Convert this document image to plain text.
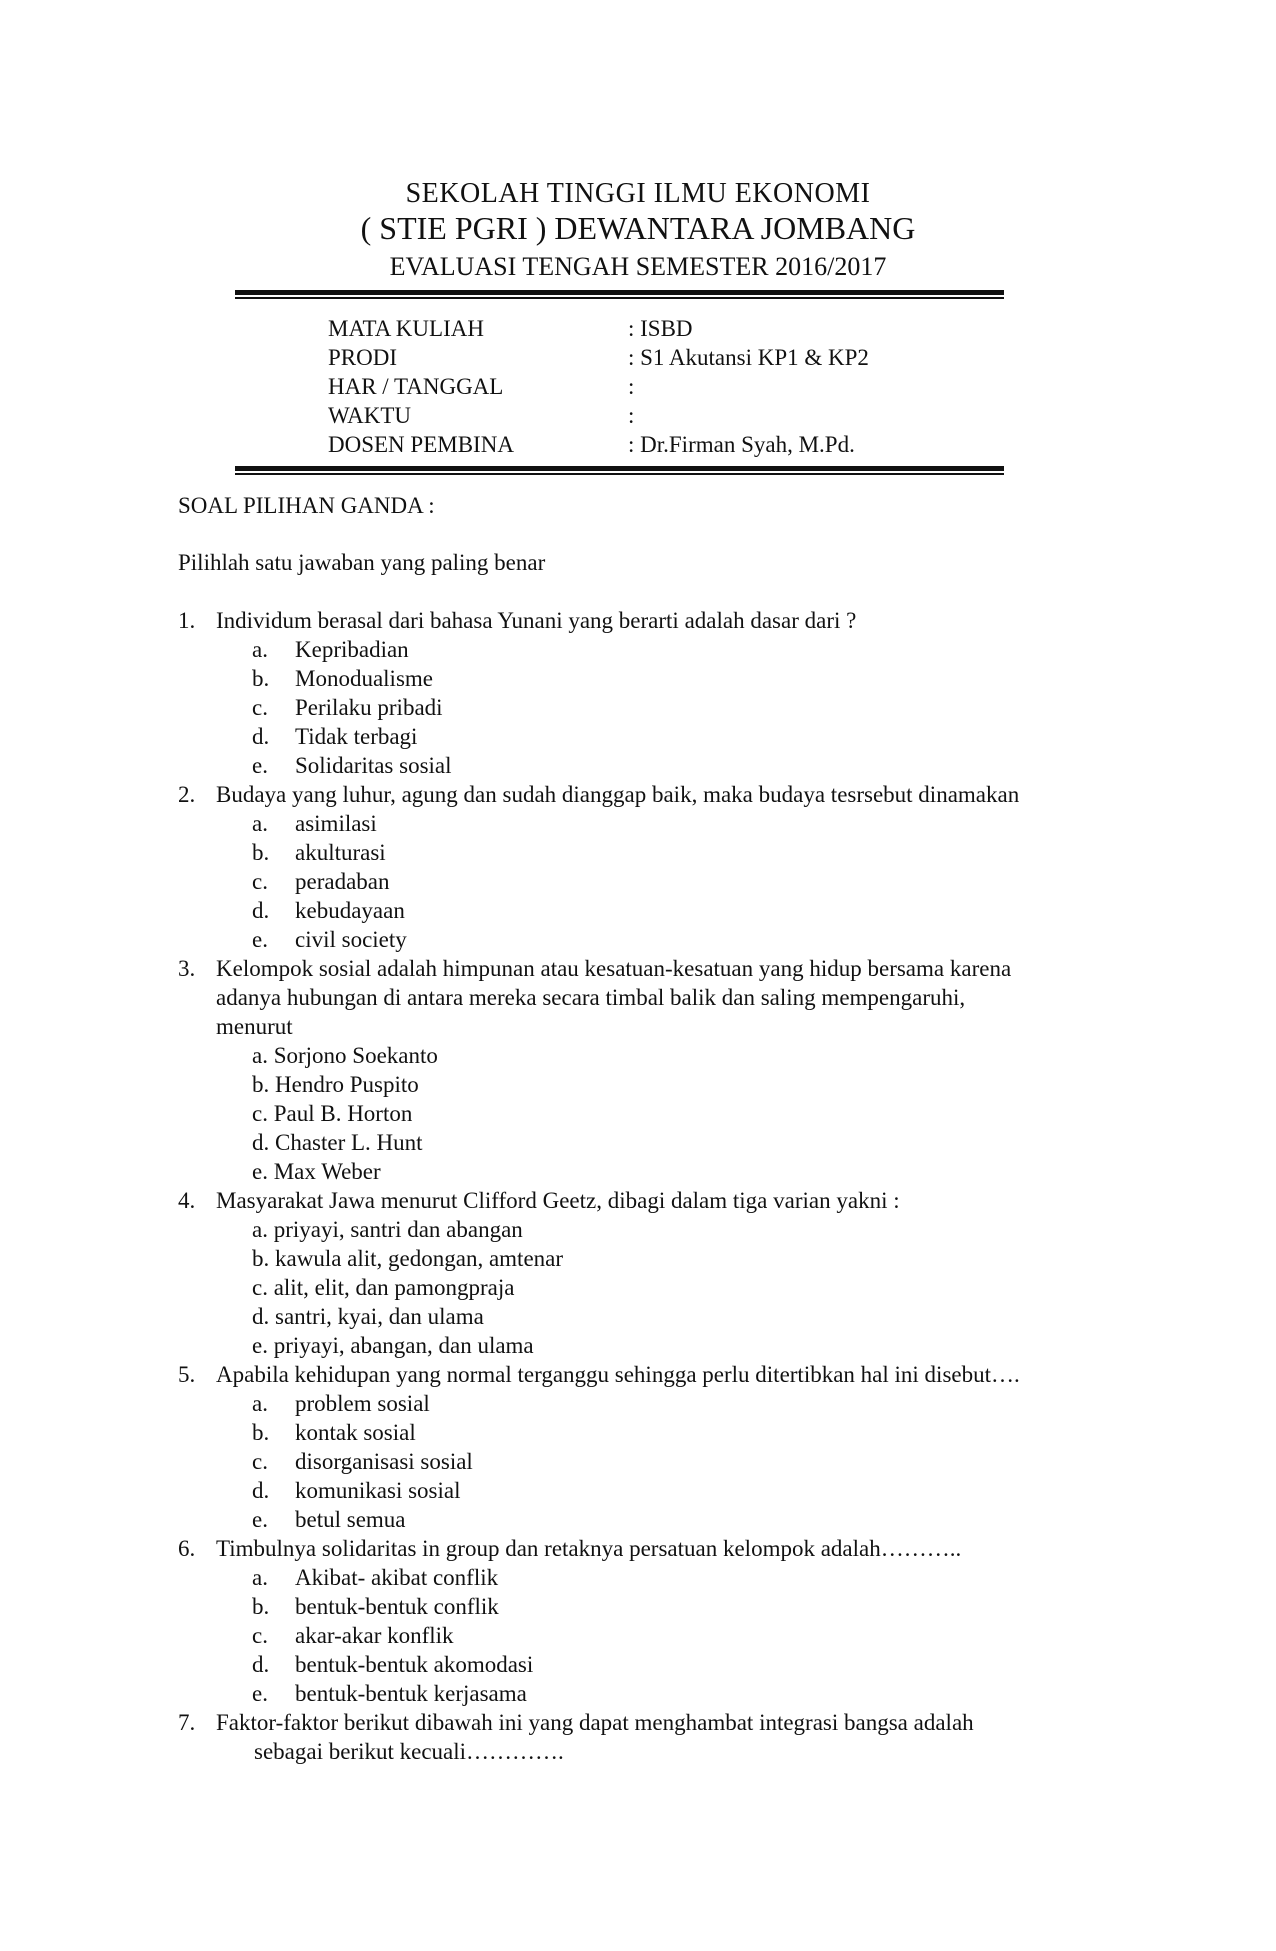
SEKOLAH TINGGI ILMU EKONOMI
( STIE PGRI ) DEWANTARA JOMBANG
EVALUASI TENGAH SEMESTER 2016/2017
MATA KULIAH	: ISBD
PRODI	: S1 Akutansi KP1 & KP2
HAR / TANGGAL	:
WAKTU	:
DOSEN PEMBINA	: Dr.Firman Syah, M.Pd.
SOAL PILIHAN GANDA :
Pilihlah satu jawaban yang paling benar
1. Individum berasal dari bahasa Yunani yang berarti adalah dasar dari ?
a. Kepribadian
b. Monodualisme
c. Perilaku pribadi
d. Tidak terbagi
e. Solidaritas sosial
2. Budaya yang luhur, agung dan sudah dianggap baik, maka budaya tesrsebut dinamakan
a. asimilasi
b. akulturasi
c. peradaban
d. kebudayaan
e. civil society
3. Kelompok sosial adalah himpunan atau kesatuan-kesatuan yang hidup bersama karena
adanya hubungan di antara mereka secara timbal balik dan saling mempengaruhi,
menurut
a. Sorjono Soekanto
b. Hendro Puspito
c. Paul B. Horton
d. Chaster L. Hunt
e. Max Weber
4. Masyarakat Jawa menurut Clifford Geetz, dibagi dalam tiga varian yakni :
a. priyayi, santri dan abangan
b. kawula alit, gedongan, amtenar
c. alit, elit, dan pamongpraja
d. santri, kyai, dan ulama
e. priyayi, abangan, dan ulama
5. Apabila kehidupan yang normal terganggu sehingga perlu ditertibkan hal ini disebut….
a. problem sosial
b. kontak sosial
c. disorganisasi sosial
d. komunikasi sosial
e. betul semua
6. Timbulnya solidaritas in group dan retaknya persatuan kelompok adalah………..
a. Akibat- akibat conflik
b. bentuk-bentuk conflik
c. akar-akar konflik
d. bentuk-bentuk akomodasi
e. bentuk-bentuk kerjasama
7. Faktor-faktor berikut dibawah ini yang dapat menghambat integrasi bangsa adalah
sebagai berikut kecuali………….
